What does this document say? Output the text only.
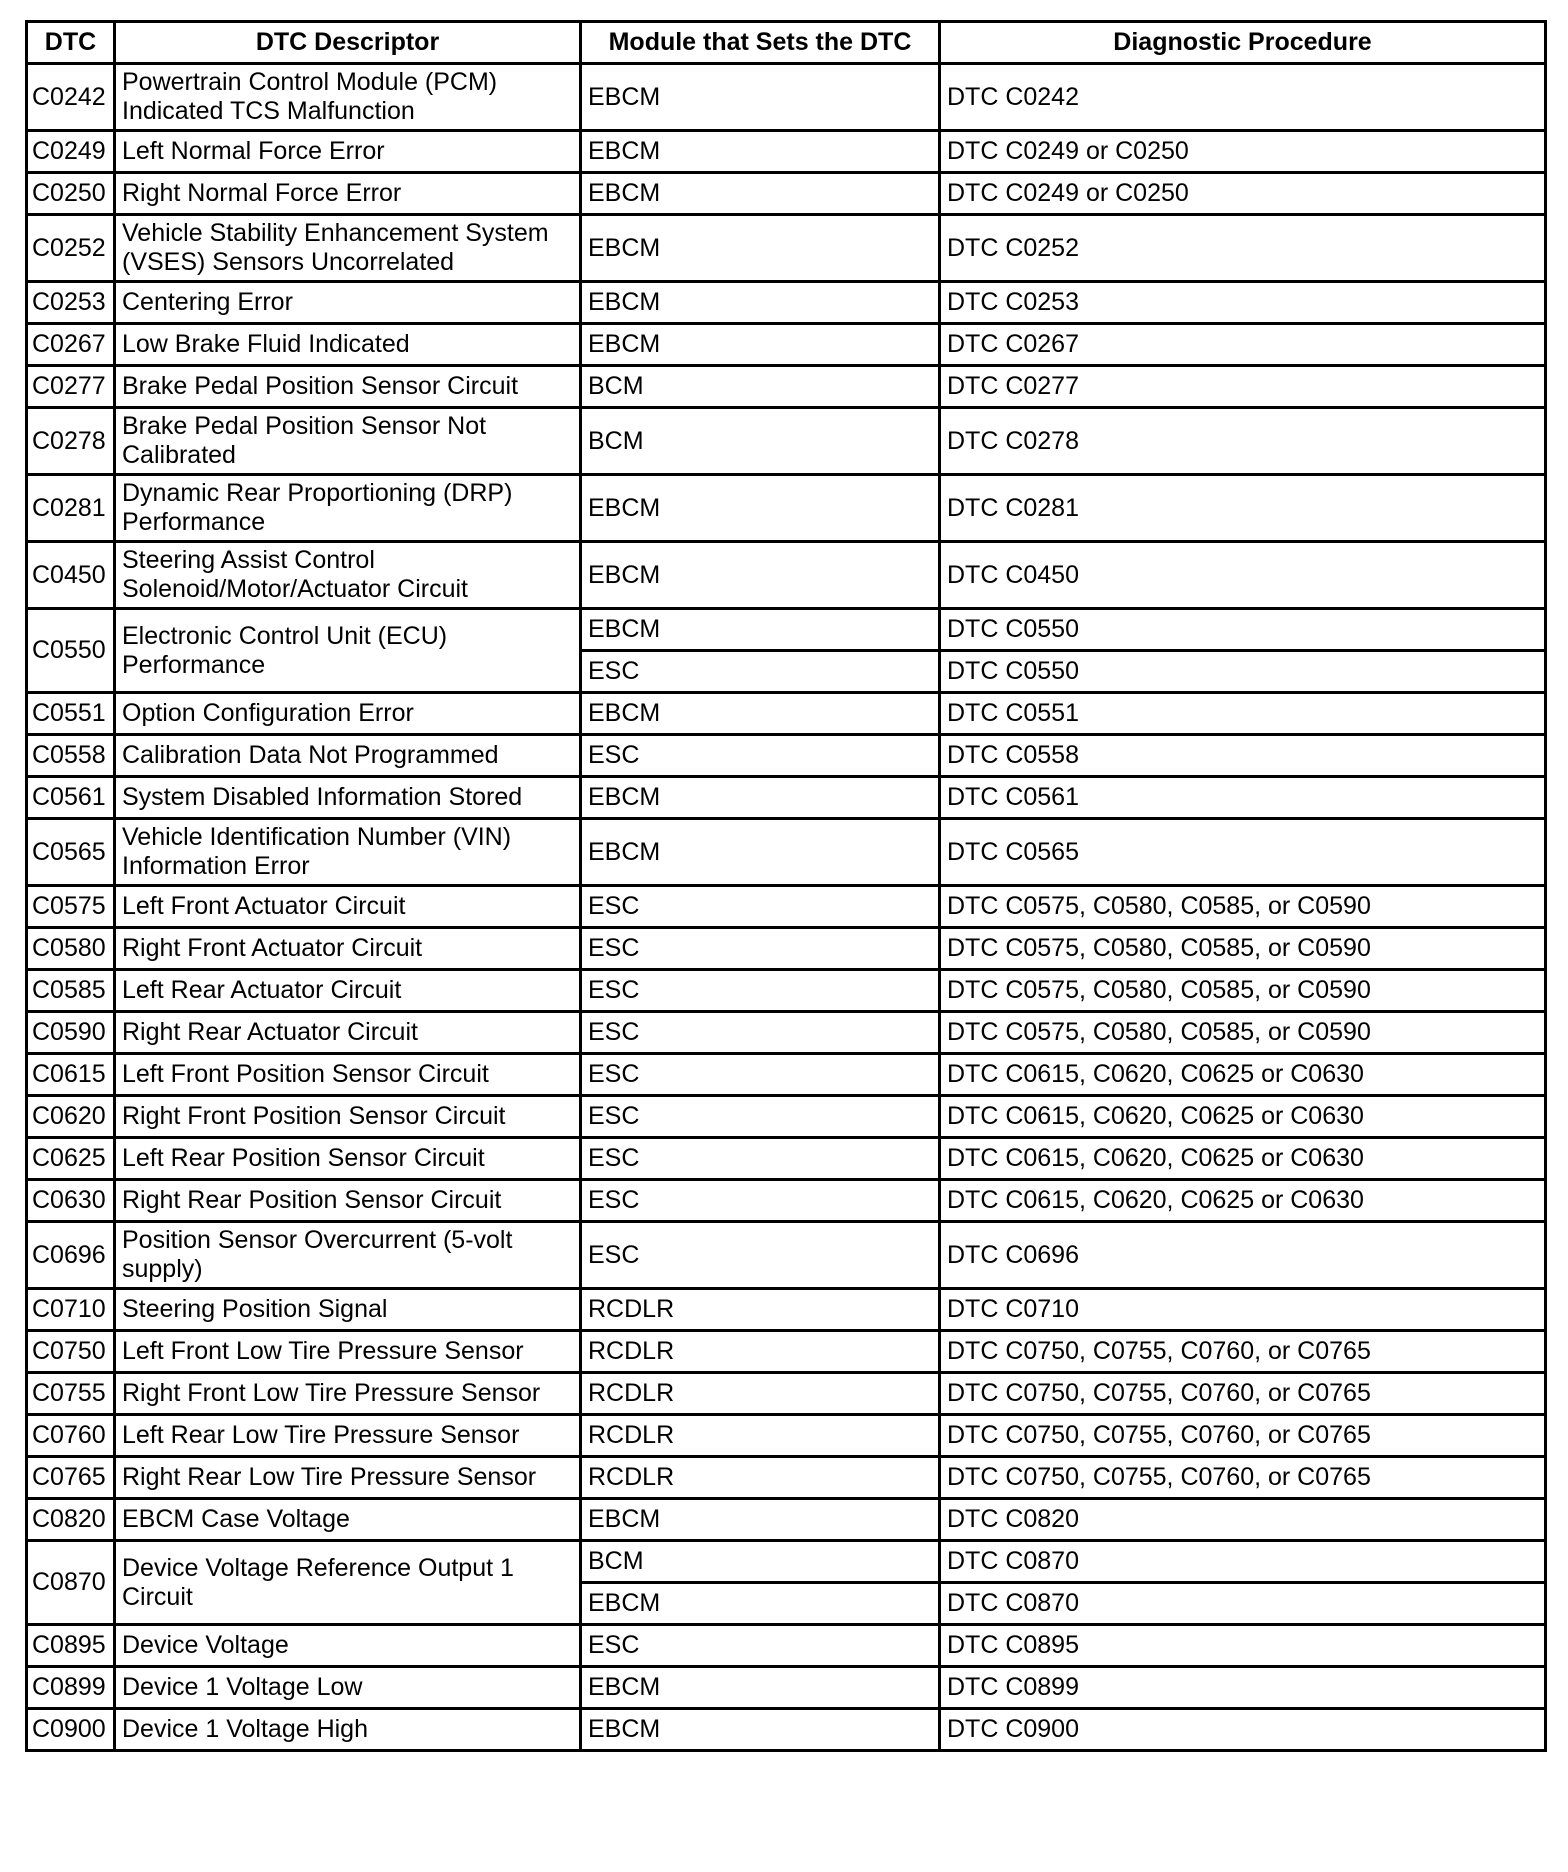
DTC	DTC Descriptor	Module that Sets the DTC	Diagnostic Procedure
C0242	Powertrain Control Module (PCM) Indicated TCS Malfunction	EBCM	DTC C0242
C0249	Left Normal Force Error	EBCM	DTC C0249 or C0250
C0250	Right Normal Force Error	EBCM	DTC C0249 or C0250
C0252	Vehicle Stability Enhancement System (VSES) Sensors Uncorrelated	EBCM	DTC C0252
C0253	Centering Error	EBCM	DTC C0253
C0267	Low Brake Fluid Indicated	EBCM	DTC C0267
C0277	Brake Pedal Position Sensor Circuit	BCM	DTC C0277
C0278	Brake Pedal Position Sensor Not Calibrated	BCM	DTC C0278
C0281	Dynamic Rear Proportioning (DRP) Performance	EBCM	DTC C0281
C0450	Steering Assist Control Solenoid/Motor/Actuator Circuit	EBCM	DTC C0450
C0550	Electronic Control Unit (ECU) Performance	EBCM	DTC C0550
		ESC	DTC C0550
C0551	Option Configuration Error	EBCM	DTC C0551
C0558	Calibration Data Not Programmed	ESC	DTC C0558
C0561	System Disabled Information Stored	EBCM	DTC C0561
C0565	Vehicle Identification Number (VIN) Information Error	EBCM	DTC C0565
C0575	Left Front Actuator Circuit	ESC	DTC C0575, C0580, C0585, or C0590
C0580	Right Front Actuator Circuit	ESC	DTC C0575, C0580, C0585, or C0590
C0585	Left Rear Actuator Circuit	ESC	DTC C0575, C0580, C0585, or C0590
C0590	Right Rear Actuator Circuit	ESC	DTC C0575, C0580, C0585, or C0590
C0615	Left Front Position Sensor Circuit	ESC	DTC C0615, C0620, C0625 or C0630
C0620	Right Front Position Sensor Circuit	ESC	DTC C0615, C0620, C0625 or C0630
C0625	Left Rear Position Sensor Circuit	ESC	DTC C0615, C0620, C0625 or C0630
C0630	Right Rear Position Sensor Circuit	ESC	DTC C0615, C0620, C0625 or C0630
C0696	Position Sensor Overcurrent (5-volt supply)	ESC	DTC C0696
C0710	Steering Position Signal	RCDLR	DTC C0710
C0750	Left Front Low Tire Pressure Sensor	RCDLR	DTC C0750, C0755, C0760, or C0765
C0755	Right Front Low Tire Pressure Sensor	RCDLR	DTC C0750, C0755, C0760, or C0765
C0760	Left Rear Low Tire Pressure Sensor	RCDLR	DTC C0750, C0755, C0760, or C0765
C0765	Right Rear Low Tire Pressure Sensor	RCDLR	DTC C0750, C0755, C0760, or C0765
C0820	EBCM Case Voltage	EBCM	DTC C0820
C0870	Device Voltage Reference Output 1 Circuit	BCM	DTC C0870
		EBCM	DTC C0870
C0895	Device Voltage	ESC	DTC C0895
C0899	Device 1 Voltage Low	EBCM	DTC C0899
C0900	Device 1 Voltage High	EBCM	DTC C0900
